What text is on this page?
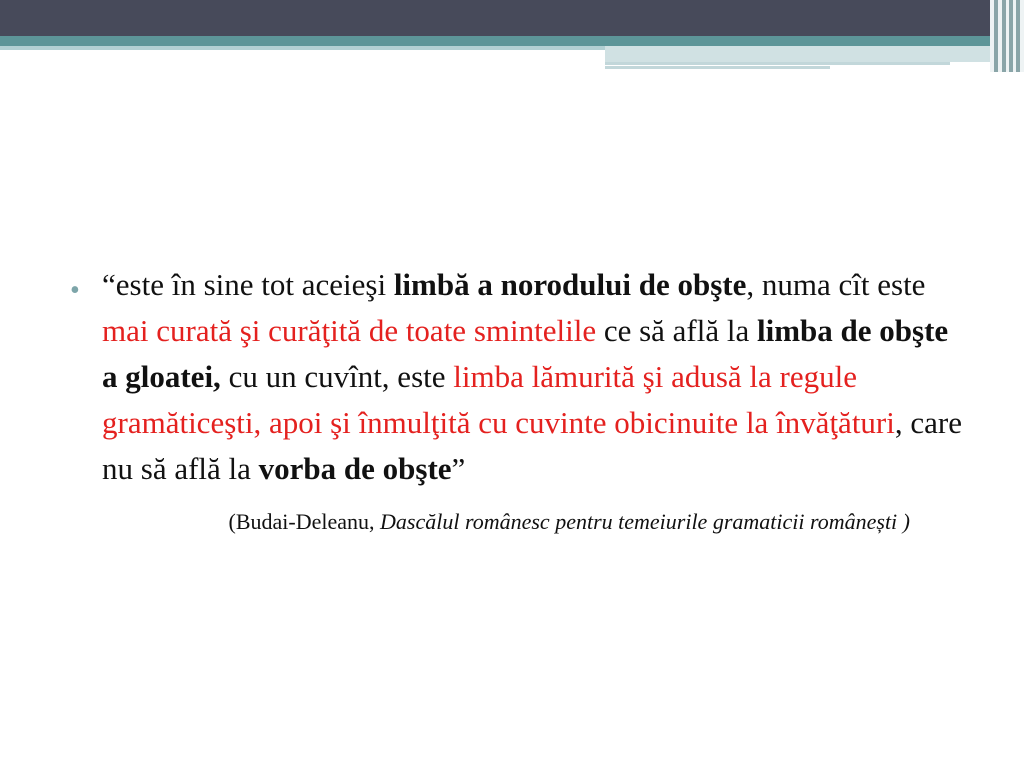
• “este în sine tot aceieşi limbă a norodului de obşte, numa cît este mai curată şi curăţită de toate smintelile ce să află la limba de obşte a gloatei, cu un cuvînt, este limba lămurită şi adusă la regule gramăticeşti, apoi şi înmulţită cu cuvinte obicinuite la învăţături, care nu să află la vorba de obşte”

(Budai-Deleanu, Dascălul românesc pentru temeiurile gramaticii românești )
